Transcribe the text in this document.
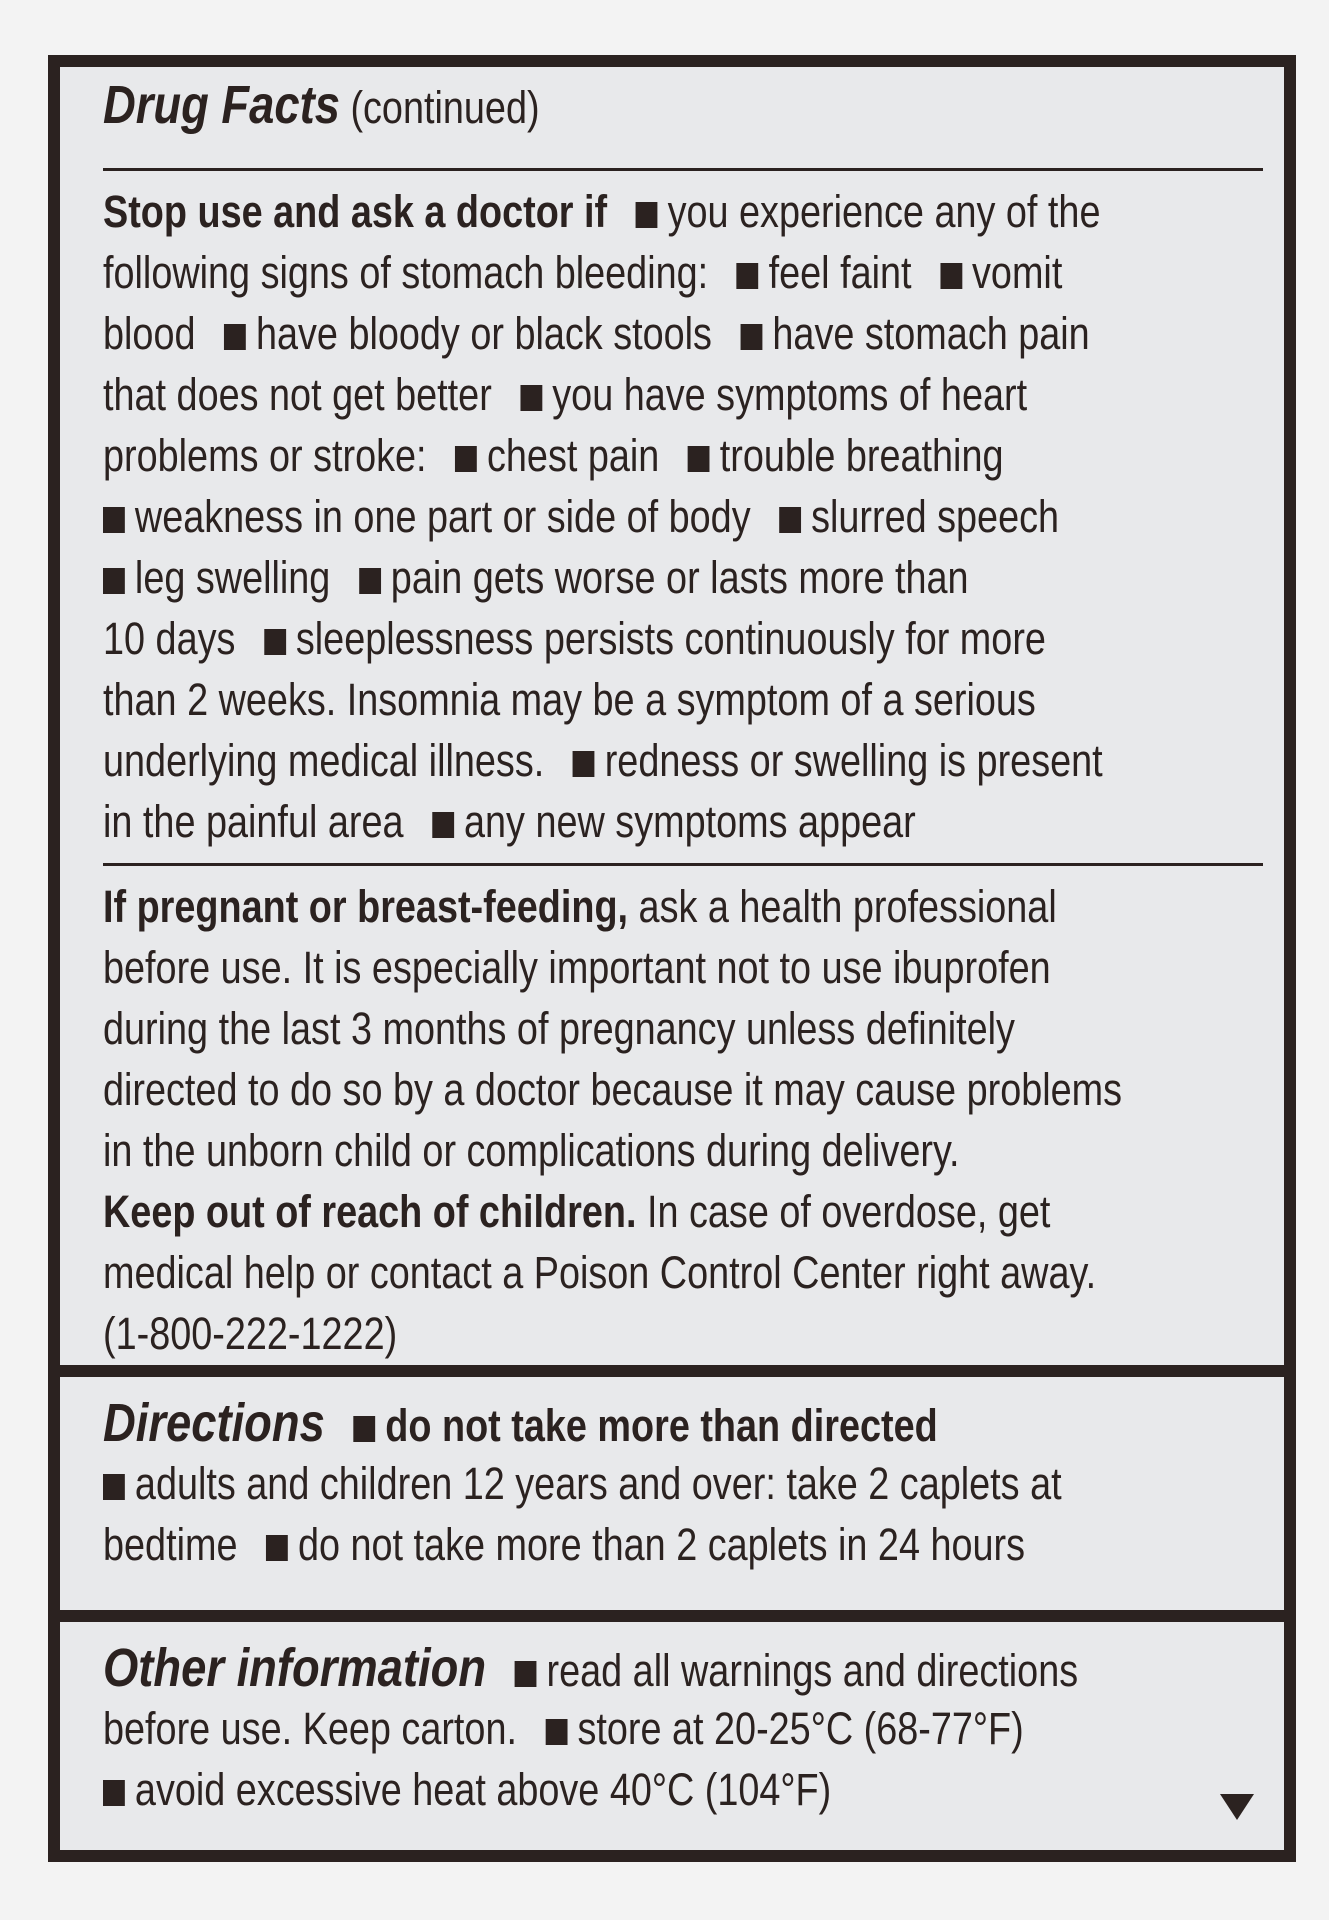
Drug Facts (continued)
Stop use and ask a doctor if you experience any of the
following signs of stomach bleeding: feel faint vomit
blood have bloody or black stools have stomach pain
that does not get better you have symptoms of heart
problems or stroke: chest pain trouble breathing
weakness in one part or side of body slurred speech
leg swelling pain gets worse or lasts more than
10 days sleeplessness persists continuously for more
than 2 weeks. Insomnia may be a symptom of a serious
underlying medical illness. redness or swelling is present
in the painful area any new symptoms appear
If pregnant or breast-feeding, ask a health professional
before use. It is especially important not to use ibuprofen
during the last 3 months of pregnancy unless definitely
directed to do so by a doctor because it may cause problems
in the unborn child or complications during delivery.
Keep out of reach of children. In case of overdose, get
medical help or contact a Poison Control Center right away.
(1-800-222-1222)
Directions do not take more than directed
adults and children 12 years and over: take 2 caplets at
bedtime do not take more than 2 caplets in 24 hours
Other information read all warnings and directions
before use. Keep carton. store at 20-25°C (68-77°F)
avoid excessive heat above 40°C (104°F)
